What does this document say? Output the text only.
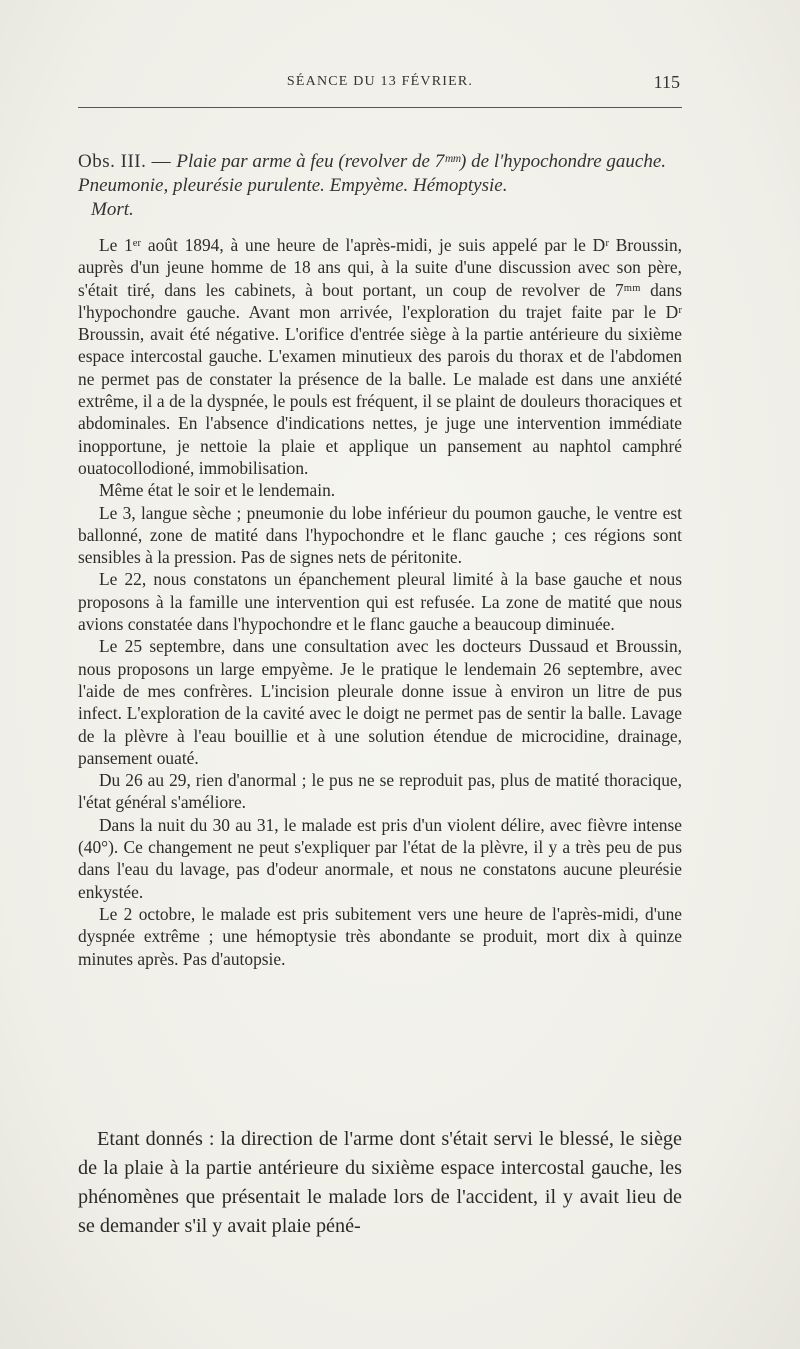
SÉANCE DU 13 FÉVRIER.	115
Obs. III. — Plaie par arme à feu (revolver de 7ᵐᵐ) de l'hypochondre gauche. Pneumonie, pleurésie purulente. Empyème. Hémoptysie.
Mort.

Le 1ᵉʳ août 1894, à une heure de l'après-midi, je suis appelé par le Dʳ Broussin, auprès d'un jeune homme de 18 ans qui, à la suite d'une discussion avec son père, s'était tiré, dans les cabinets, à bout portant, un coup de revolver de 7ᵐᵐ dans l'hypochondre gauche. Avant mon arrivée, l'exploration du trajet faite par le Dʳ Broussin, avait été négative. L'orifice d'entrée siège à la partie antérieure du sixième espace intercostal gauche. L'examen minutieux des parois du thorax et de l'abdomen ne permet pas de constater la présence de la balle. Le malade est dans une anxiété extrême, il a de la dyspnée, le pouls est fréquent, il se plaint de douleurs thoraciques et abdominales. En l'absence d'indications nettes, je juge une intervention immédiate inopportune, je nettoie la plaie et applique un pansement au naphtol camphré ouatocollodioné, immobilisation.

Même état le soir et le lendemain.

Le 3, langue sèche ; pneumonie du lobe inférieur du poumon gauche, le ventre est ballonné, zone de matité dans l'hypochondre et le flanc gauche ; ces régions sont sensibles à la pression. Pas de signes nets de péritonite.

Le 22, nous constatons un épanchement pleural limité à la base gauche et nous proposons à la famille une intervention qui est refusée. La zone de matité que nous avions constatée dans l'hypochondre et le flanc gauche a beaucoup diminuée.

Le 25 septembre, dans une consultation avec les docteurs Dussaud et Broussin, nous proposons un large empyème. Je le pratique le lendemain 26 septembre, avec l'aide de mes confrères. L'incision pleurale donne issue à environ un litre de pus infect. L'exploration de la cavité avec le doigt ne permet pas de sentir la balle. Lavage de la plèvre à l'eau bouillie et à une solution étendue de microcidine, drainage, pansement ouaté.

Du 26 au 29, rien d'anormal ; le pus ne se reproduit pas, plus de matité thoracique, l'état général s'améliore.

Dans la nuit du 30 au 31, le malade est pris d'un violent délire, avec fièvre intense (40°). Ce changement ne peut s'expliquer par l'état de la plèvre, il y a très peu de pus dans l'eau du lavage, pas d'odeur anormale, et nous ne constatons aucune pleurésie enkystée.

Le 2 octobre, le malade est pris subitement vers une heure de l'après-midi, d'une dyspnée extrême ; une hémoptysie très abondante se produit, mort dix à quinze minutes après. Pas d'autopsie.

Etant donnés : la direction de l'arme dont s'était servi le blessé, le siège de la plaie à la partie antérieure du sixième espace intercostal gauche, les phénomènes que présentait le malade lors de l'accident, il y avait lieu de se demander s'il y avait plaie péné-
